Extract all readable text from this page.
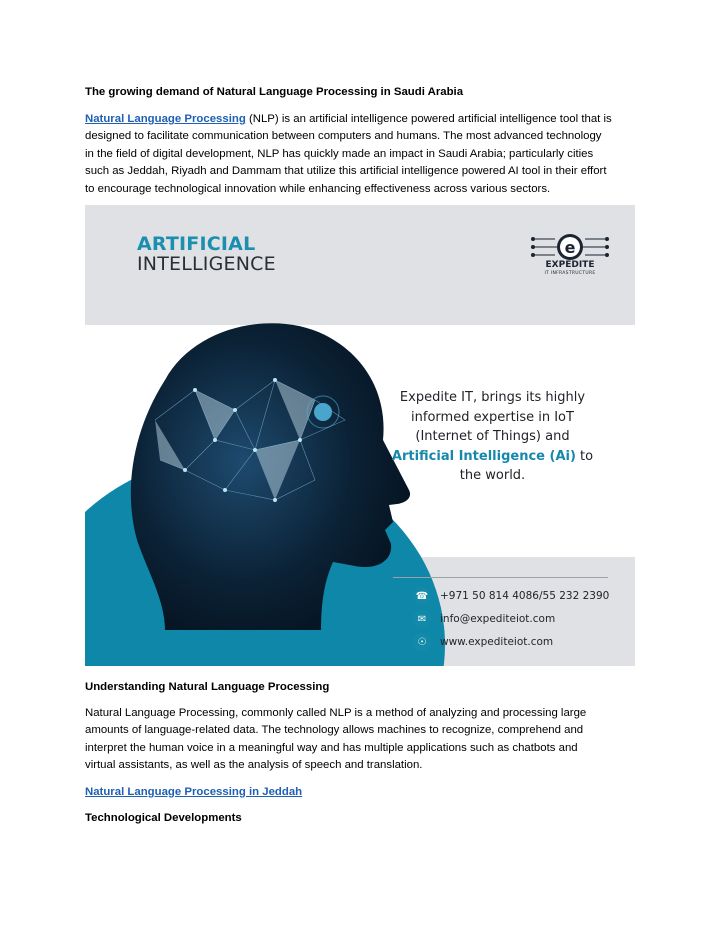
The growing demand of Natural Language Processing in Saudi Arabia

Natural Language Processing (NLP) is an artificial intelligence powered artificial intelligence tool that is
designed to facilitate communication between computers and humans. The most advanced technology
in the field of digital development, NLP has quickly made an impact in Saudi Arabia; particularly cities
such as Jeddah, Riyadh and Dammam that utilize this artificial intelligence powered AI tool in their effort
to encourage technological innovation while enhancing effectiveness across various sectors.

ARTIFICIAL
INTELLIGENCE
e
EXPEDITE
IT INFRASTRUCTURE
Expedite IT, brings its highly
informed expertise in IoT
(Internet of Things) and
Artificial Intelligence (Ai) to
the world.
☎ +971 50 814 4086/55 232 2390
✉	info@expediteiot.com
☉	www.expediteiot.com

Understanding Natural Language Processing

Natural Language Processing, commonly called NLP is a method of analyzing and processing large
amounts of language-related data. The technology allows machines to recognize, comprehend and
interpret the human voice in a meaningful way and has multiple applications such as chatbots and
virtual assistants, as well as the analysis of speech and translation.

Natural Language Processing in Jeddah

Technological Developments
